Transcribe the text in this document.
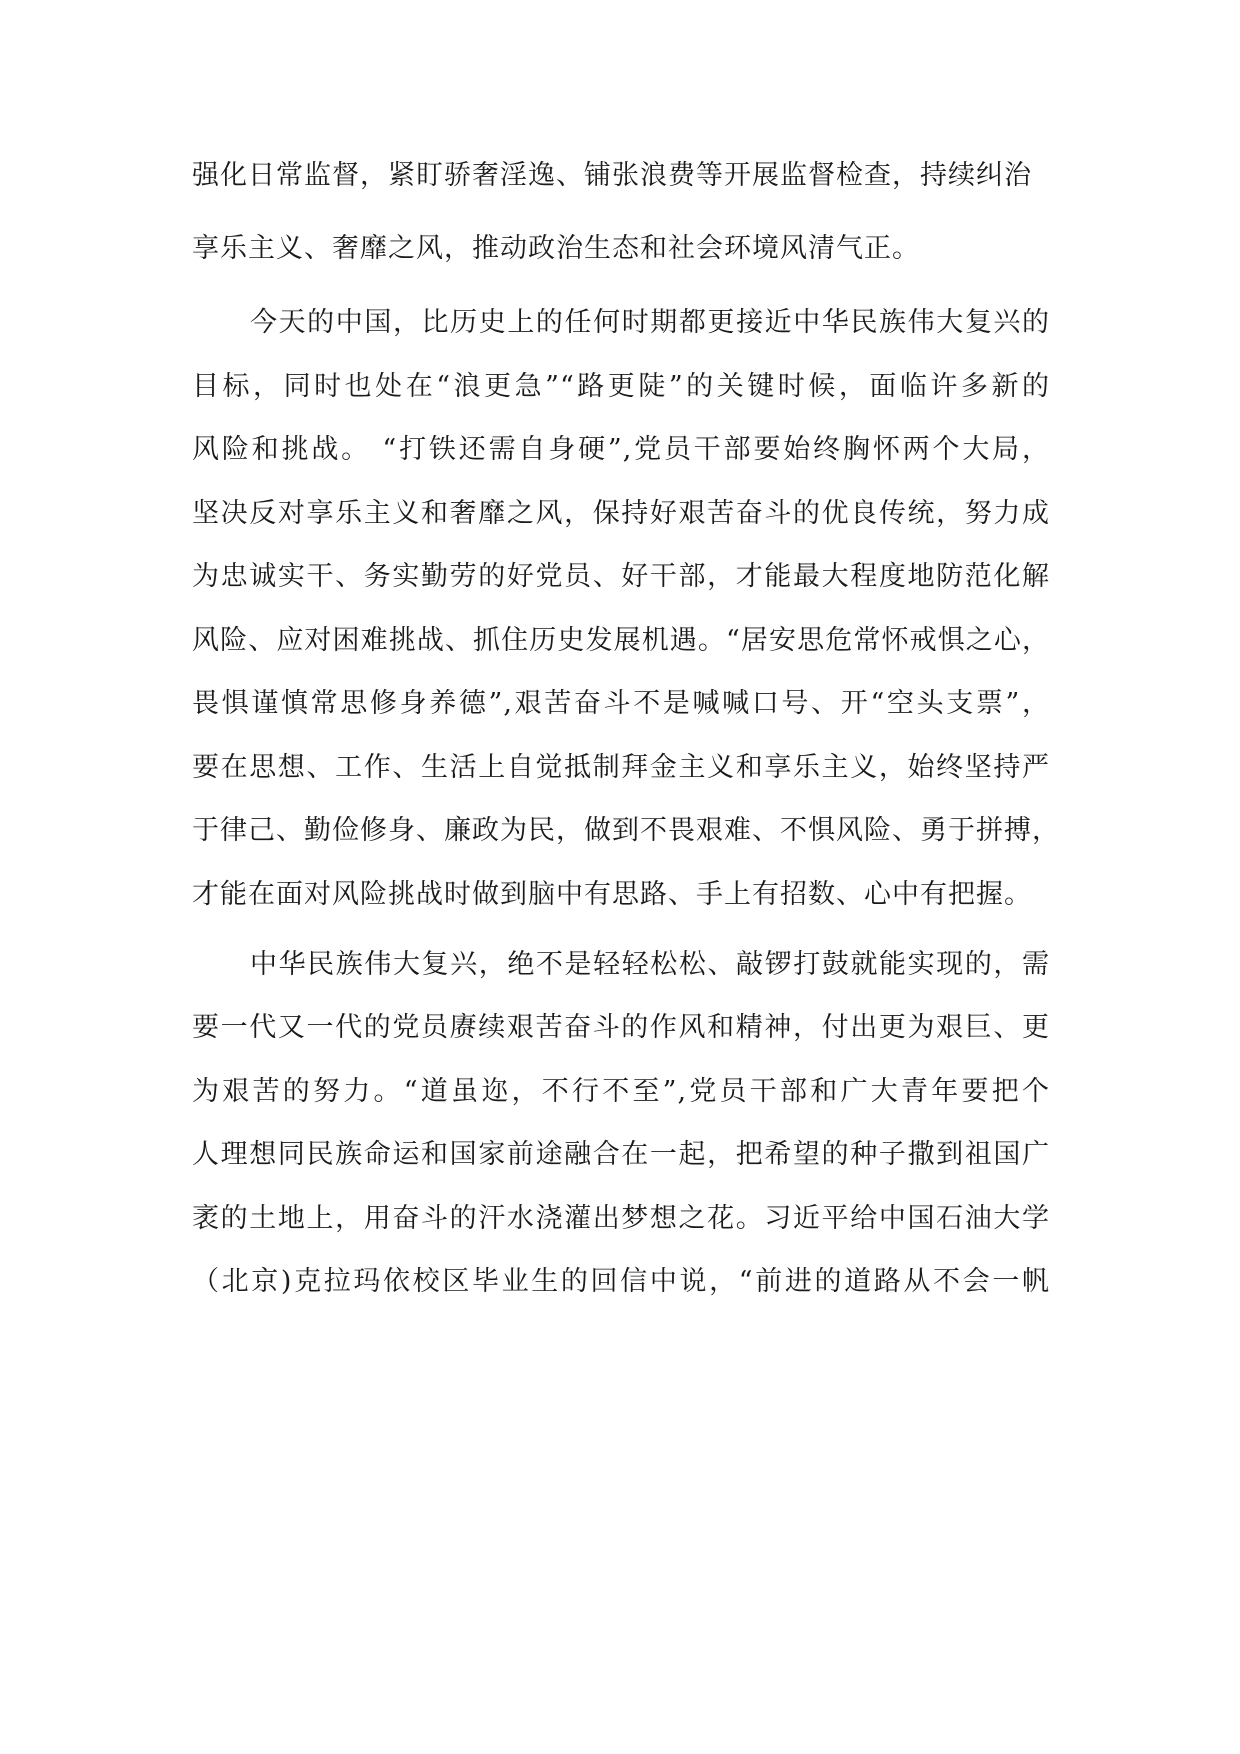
强化日常监督，紧盯骄奢淫逸、铺张浪费等开展监督检查，持续纠治
享乐主义、奢靡之风，推动政治生态和社会环境风清气正。
今天的中国，比历史上的任何时期都更接近中华民族伟大复兴的
目标，同时也处在“浪更急”“路更陡”的关键时候，面临许多新的
风险和挑战。 “打铁还需自身硬”,党员干部要始终胸怀两个大局，
坚决反对享乐主义和奢靡之风，保持好艰苦奋斗的优良传统，努力成
为忠诚实干、务实勤劳的好党员、好干部，才能最大程度地防范化解
风险、应对困难挑战、抓住历史发展机遇。“居安思危常怀戒惧之心，
畏惧谨慎常思修身养德”,艰苦奋斗不是喊喊口号、开“空头支票”，
要在思想、工作、生活上自觉抵制拜金主义和享乐主义，始终坚持严
于律己、勤俭修身、廉政为民，做到不畏艰难、不惧风险、勇于拼搏，
才能在面对风险挑战时做到脑中有思路、手上有招数、心中有把握。
中华民族伟大复兴，绝不是轻轻松松、敲锣打鼓就能实现的，需
要一代又一代的党员赓续艰苦奋斗的作风和精神，付出更为艰巨、更
为艰苦的努力。“道虽迩，不行不至”,党员干部和广大青年要把个
人理想同民族命运和国家前途融合在一起，把希望的种子撒到祖国广
袤的土地上，用奋斗的汗水浇灌出梦想之花。习近平给中国石油大学
（北京)克拉玛依校区毕业生的回信中说，“前进的道路从不会一帆
